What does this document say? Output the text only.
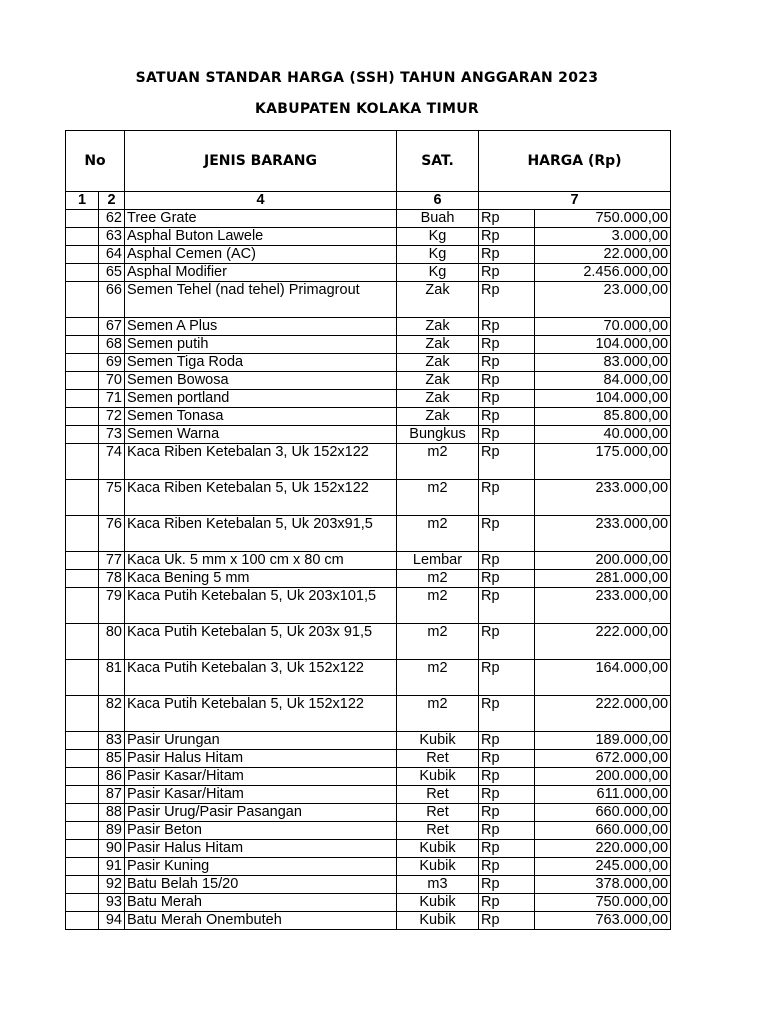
SATUAN STANDAR HARGA (SSH) TAHUN ANGGARAN 2023
KABUPATEN KOLAKA TIMUR
No		JENIS BARANG	SAT.	HARGA (Rp)	
1	2	4	6	7	
	62	Tree Grate	Buah	Rp	750.000,00
	63	Asphal Buton Lawele	Kg	Rp	3.000,00
	64	Asphal Cemen (AC)	Kg	Rp	22.000,00
	65	Asphal Modifier	Kg	Rp	2.456.000,00
	66	Semen Tehel (nad tehel) Primagrout	Zak	Rp	23.000,00
	67	Semen A Plus	Zak	Rp	70.000,00
	68	Semen putih	Zak	Rp	104.000,00
	69	Semen Tiga Roda	Zak	Rp	83.000,00
	70	Semen Bowosa	Zak	Rp	84.000,00
	71	Semen portland	Zak	Rp	104.000,00
	72	Semen Tonasa	Zak	Rp	85.800,00
	73	Semen Warna	Bungkus	Rp	40.000,00
	74	Kaca Riben Ketebalan 3, Uk 152x122	m2	Rp	175.000,00
	75	Kaca Riben Ketebalan 5, Uk 152x122	m2	Rp	233.000,00
	76	Kaca Riben Ketebalan 5, Uk 203x91,5	m2	Rp	233.000,00
	77	Kaca Uk. 5 mm x 100 cm x 80 cm	Lembar	Rp	200.000,00
	78	Kaca Bening 5 mm	m2	Rp	281.000,00
	79	Kaca Putih Ketebalan 5, Uk 203x101,5	m2	Rp	233.000,00
	80	Kaca Putih Ketebalan 5, Uk 203x 91,5	m2	Rp	222.000,00
	81	Kaca Putih Ketebalan 3, Uk 152x122	m2	Rp	164.000,00
	82	Kaca Putih Ketebalan 5, Uk 152x122	m2	Rp	222.000,00
	83	Pasir Urungan	Kubik	Rp	189.000,00
	85	Pasir Halus Hitam	Ret	Rp	672.000,00
	86	Pasir Kasar/Hitam	Kubik	Rp	200.000,00
	87	Pasir Kasar/Hitam	Ret	Rp	611.000,00
	88	Pasir Urug/Pasir Pasangan	Ret	Rp	660.000,00
	89	Pasir Beton	Ret	Rp	660.000,00
	90	Pasir Halus Hitam	Kubik	Rp	220.000,00
	91	Pasir Kuning	Kubik	Rp	245.000,00
	92	Batu Belah 15/20	m3	Rp	378.000,00
	93	Batu Merah	Kubik	Rp	750.000,00
	94	Batu Merah Onembuteh	Kubik	Rp	763.000,00
